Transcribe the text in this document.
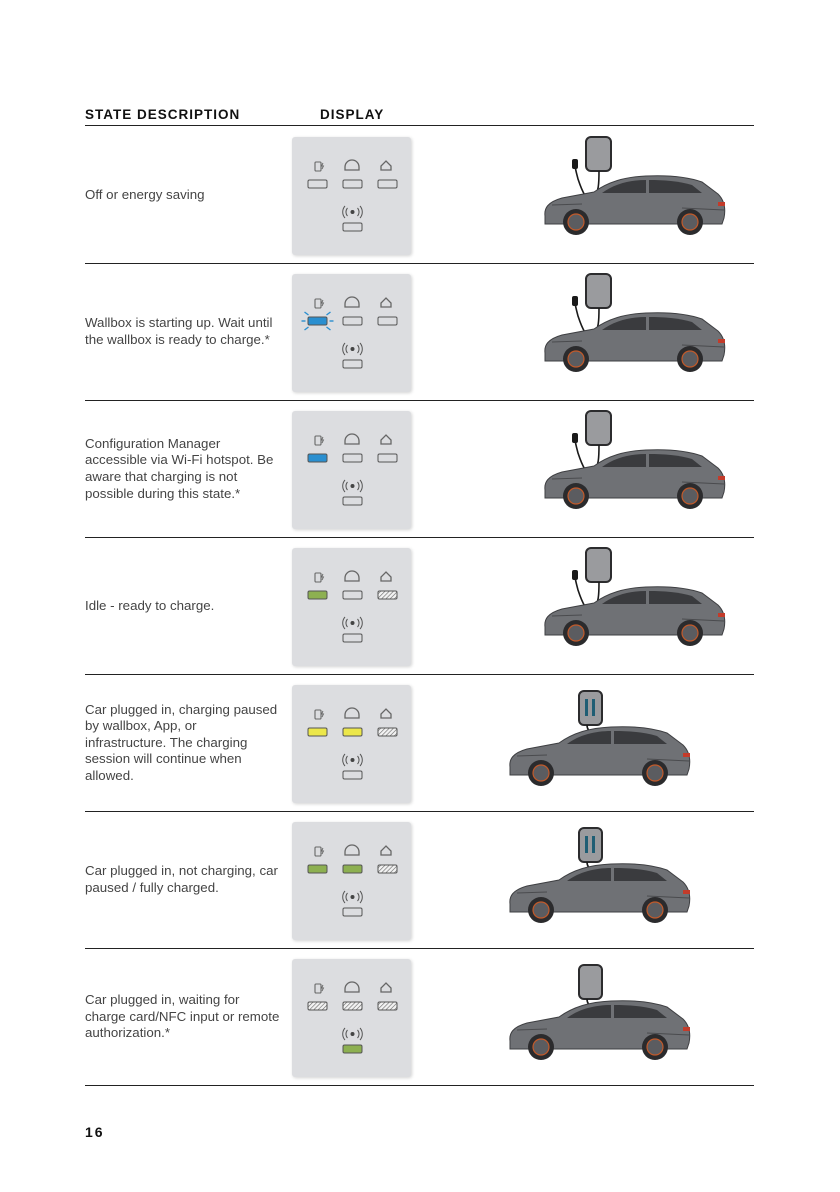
STATE DESCRIPTION	DISPLAY
Off or energy saving
Wallbox is starting up. Wait until the wallbox is ready to charge.*
Configuration Manager accessible via Wi-Fi hotspot. Be aware that charging is not possible during this state.*
Idle - ready to charge.
Car plugged in, charging paused by wallbox, App, or infrastructure. The charging session will continue when allowed.
Car plugged in, not charging, car paused / fully charged.
Car plugged in, waiting for charge card/NFC input or remote authorization.*
16
